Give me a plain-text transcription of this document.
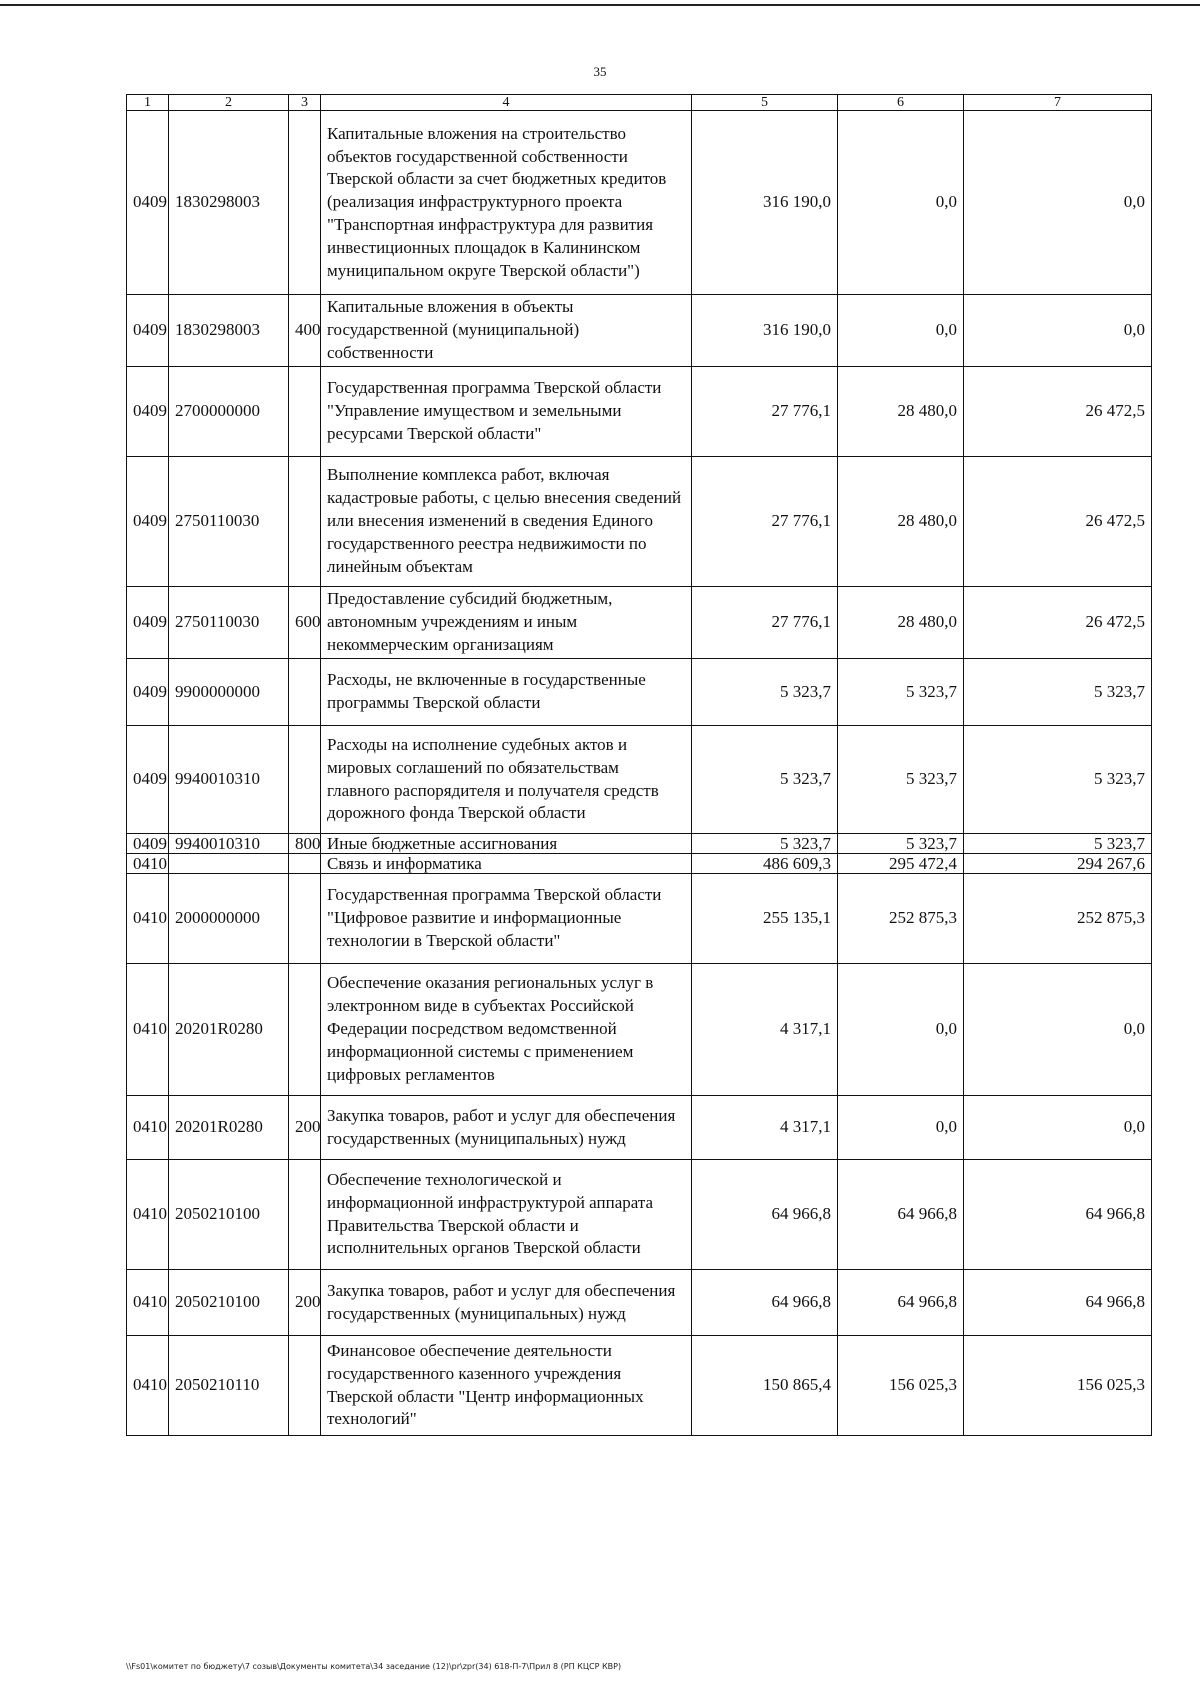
35
1	2	3	4	5	6	7
0409	1830298003		Капитальные вложения на строительство объектов государственной собственности Тверской области за счет бюджетных кредитов (реализация инфраструктурного проекта "Транспортная инфраструктура для развития инвестиционных площадок в Калининском муниципальном округе Тверской области")	316 190,0	0,0	0,0
0409	1830298003	400	Капитальные вложения в объекты государственной (муниципальной) собственности	316 190,0	0,0	0,0
0409	2700000000		Государственная программа Тверской области "Управление имуществом и земельными ресурсами Тверской области"	27 776,1	28 480,0	26 472,5
0409	2750110030		Выполнение комплекса работ, включая кадастровые работы, с целью внесения сведений или внесения изменений в сведения Единого государственного реестра недвижимости по линейным объектам	27 776,1	28 480,0	26 472,5
0409	2750110030	600	Предоставление субсидий бюджетным, автономным учреждениям и иным некоммерческим организациям	27 776,1	28 480,0	26 472,5
0409	9900000000		Расходы, не включенные в государственные программы Тверской области	5 323,7	5 323,7	5 323,7
0409	9940010310		Расходы на исполнение судебных актов и мировых соглашений по обязательствам главного распорядителя и получателя средств дорожного фонда Тверской области	5 323,7	5 323,7	5 323,7
0409	9940010310	800	Иные бюджетные ассигнования	5 323,7	5 323,7	5 323,7
0410			Связь и информатика	486 609,3	295 472,4	294 267,6
0410	2000000000		Государственная программа Тверской области "Цифровое развитие и информационные технологии в Тверской области"	255 135,1	252 875,3	252 875,3
0410	20201R0280		Обеспечение оказания региональных услуг в электронном виде в субъектах Российской Федерации посредством ведомственной информационной системы с применением цифровых регламентов	4 317,1	0,0	0,0
0410	20201R0280	200	Закупка товаров, работ и услуг для обеспечения государственных (муниципальных) нужд	4 317,1	0,0	0,0
0410	2050210100		Обеспечение технологической и информационной инфраструктурой аппарата Правительства Тверской области и исполнительных органов Тверской области	64 966,8	64 966,8	64 966,8
0410	2050210100	200	Закупка товаров, работ и услуг для обеспечения государственных (муниципальных) нужд	64 966,8	64 966,8	64 966,8
0410	2050210110		Финансовое обеспечение деятельности государственного казенного учреждения Тверской области "Центр информационных технологий"	150 865,4	156 025,3	156 025,3
\\Fs01\комитет по бюджету\7 созыв\Документы комитета\34 заседание (12)\pr\zpr(34) 618-П-7\Прил 8 (РП КЦСР КВР)
